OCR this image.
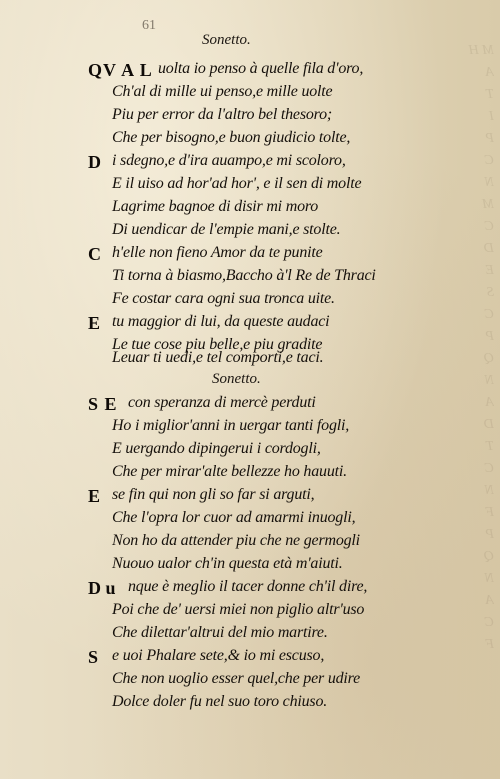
M H
A
T
I
P
C
N
M
C
D
E
S
C
P
Q
N
A
D
T
C
N
F
P
Q
N
A
C
F
61
Sonetto.
QV A L uolta io penso à quelle fila d'oro,
Ch'al di mille ui penso,e mille uolte
Piu per error da l'altro bel thesoro;
Che per bisogno,e buon giudicio tolte,
D i sdegno,e d'ira auampo,e mi scoloro,
E il uiso ad hor'ad hor', e il sen di molte
Lagrime bagnoe di disir mi moro
Di uendicar de l'empie mani,e stolte.
C h'elle non fieno Amor da te punite
Ti torna à biasmo,Baccho à'l Re de Thraci
Fe costar cara ogni sua tronca uite.
E tu maggior di lui, da queste audaci
Le tue cose piu belle,e piu gradite
Leuar ti uedi,e tel comporti,e taci.
Sonetto.
S E con speranza di mercè perduti
Ho i miglior'anni in uergar tanti fogli,
E uergando dipingerui i cordogli,
Che per mirar'alte bellezze ho hauuti.
E se fin qui non gli so far si arguti,
Che l'opra lor cuor ad amarmi inuogli,
Non ho da attender piu che ne germogli
Nuouo ualor ch'in questa età m'aiuti.
D u nque è meglio il tacer donne ch'il dire,
Poi che de' uersi miei non piglio altr'uso
Che dilettar'altrui del mio martire.
S e uoi Phalare sete,& io mi escuso,
Che non uoglio esser quel,che per udire
Dolce doler fu nel suo toro chiuso.
